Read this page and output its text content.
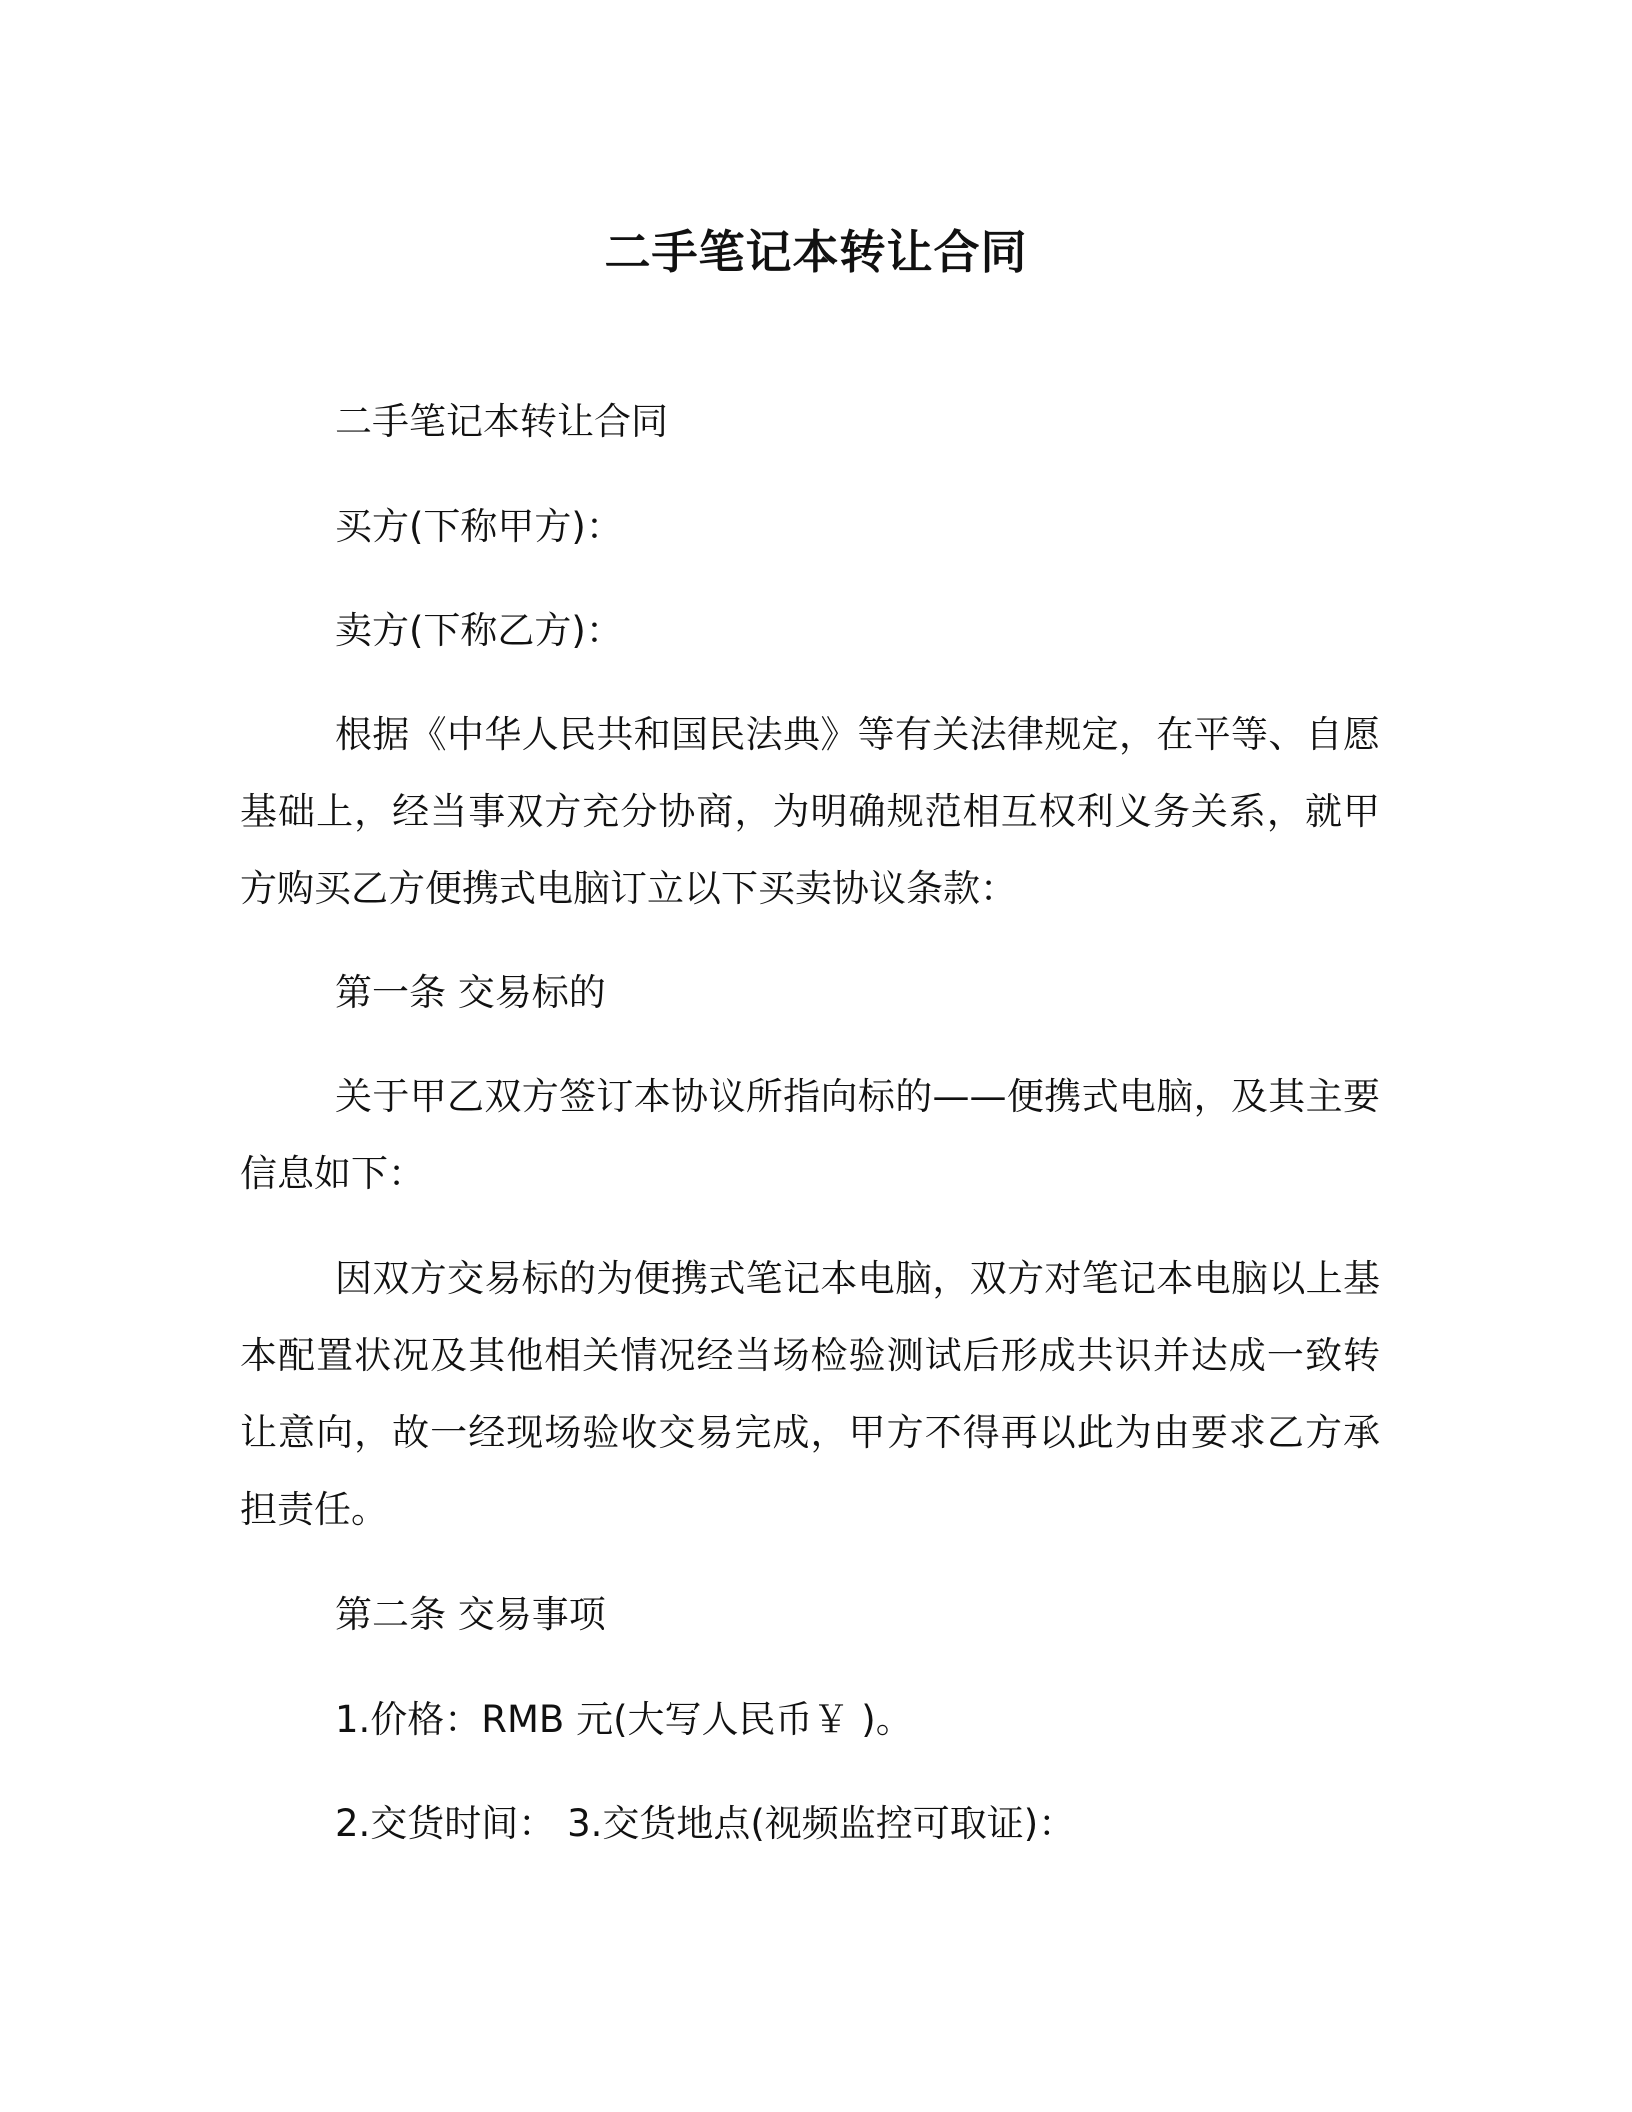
二手笔记本转让合同

二手笔记本转让合同

买方(下称甲方)：

卖方(下称乙方)：

根据《中华人民共和国民法典》等有关法律规定，在平等、自愿基础上，经当事双方充分协商，为明确规范相互权利义务关系，就甲方购买乙方便携式电脑订立以下买卖协议条款：

第一条 交易标的

关于甲乙双方签订本协议所指向标的——便携式电脑，及其主要信息如下：

因双方交易标的为便携式笔记本电脑，双方对笔记本电脑以上基本配置状况及其他相关情况经当场检验测试后形成共识并达成一致转让意向，故一经现场验收交易完成，甲方不得再以此为由要求乙方承担责任。

第二条 交易事项

1.价格：RMB 元(大写人民币￥ )。

2.交货时间： 3.交货地点(视频监控可取证)：
